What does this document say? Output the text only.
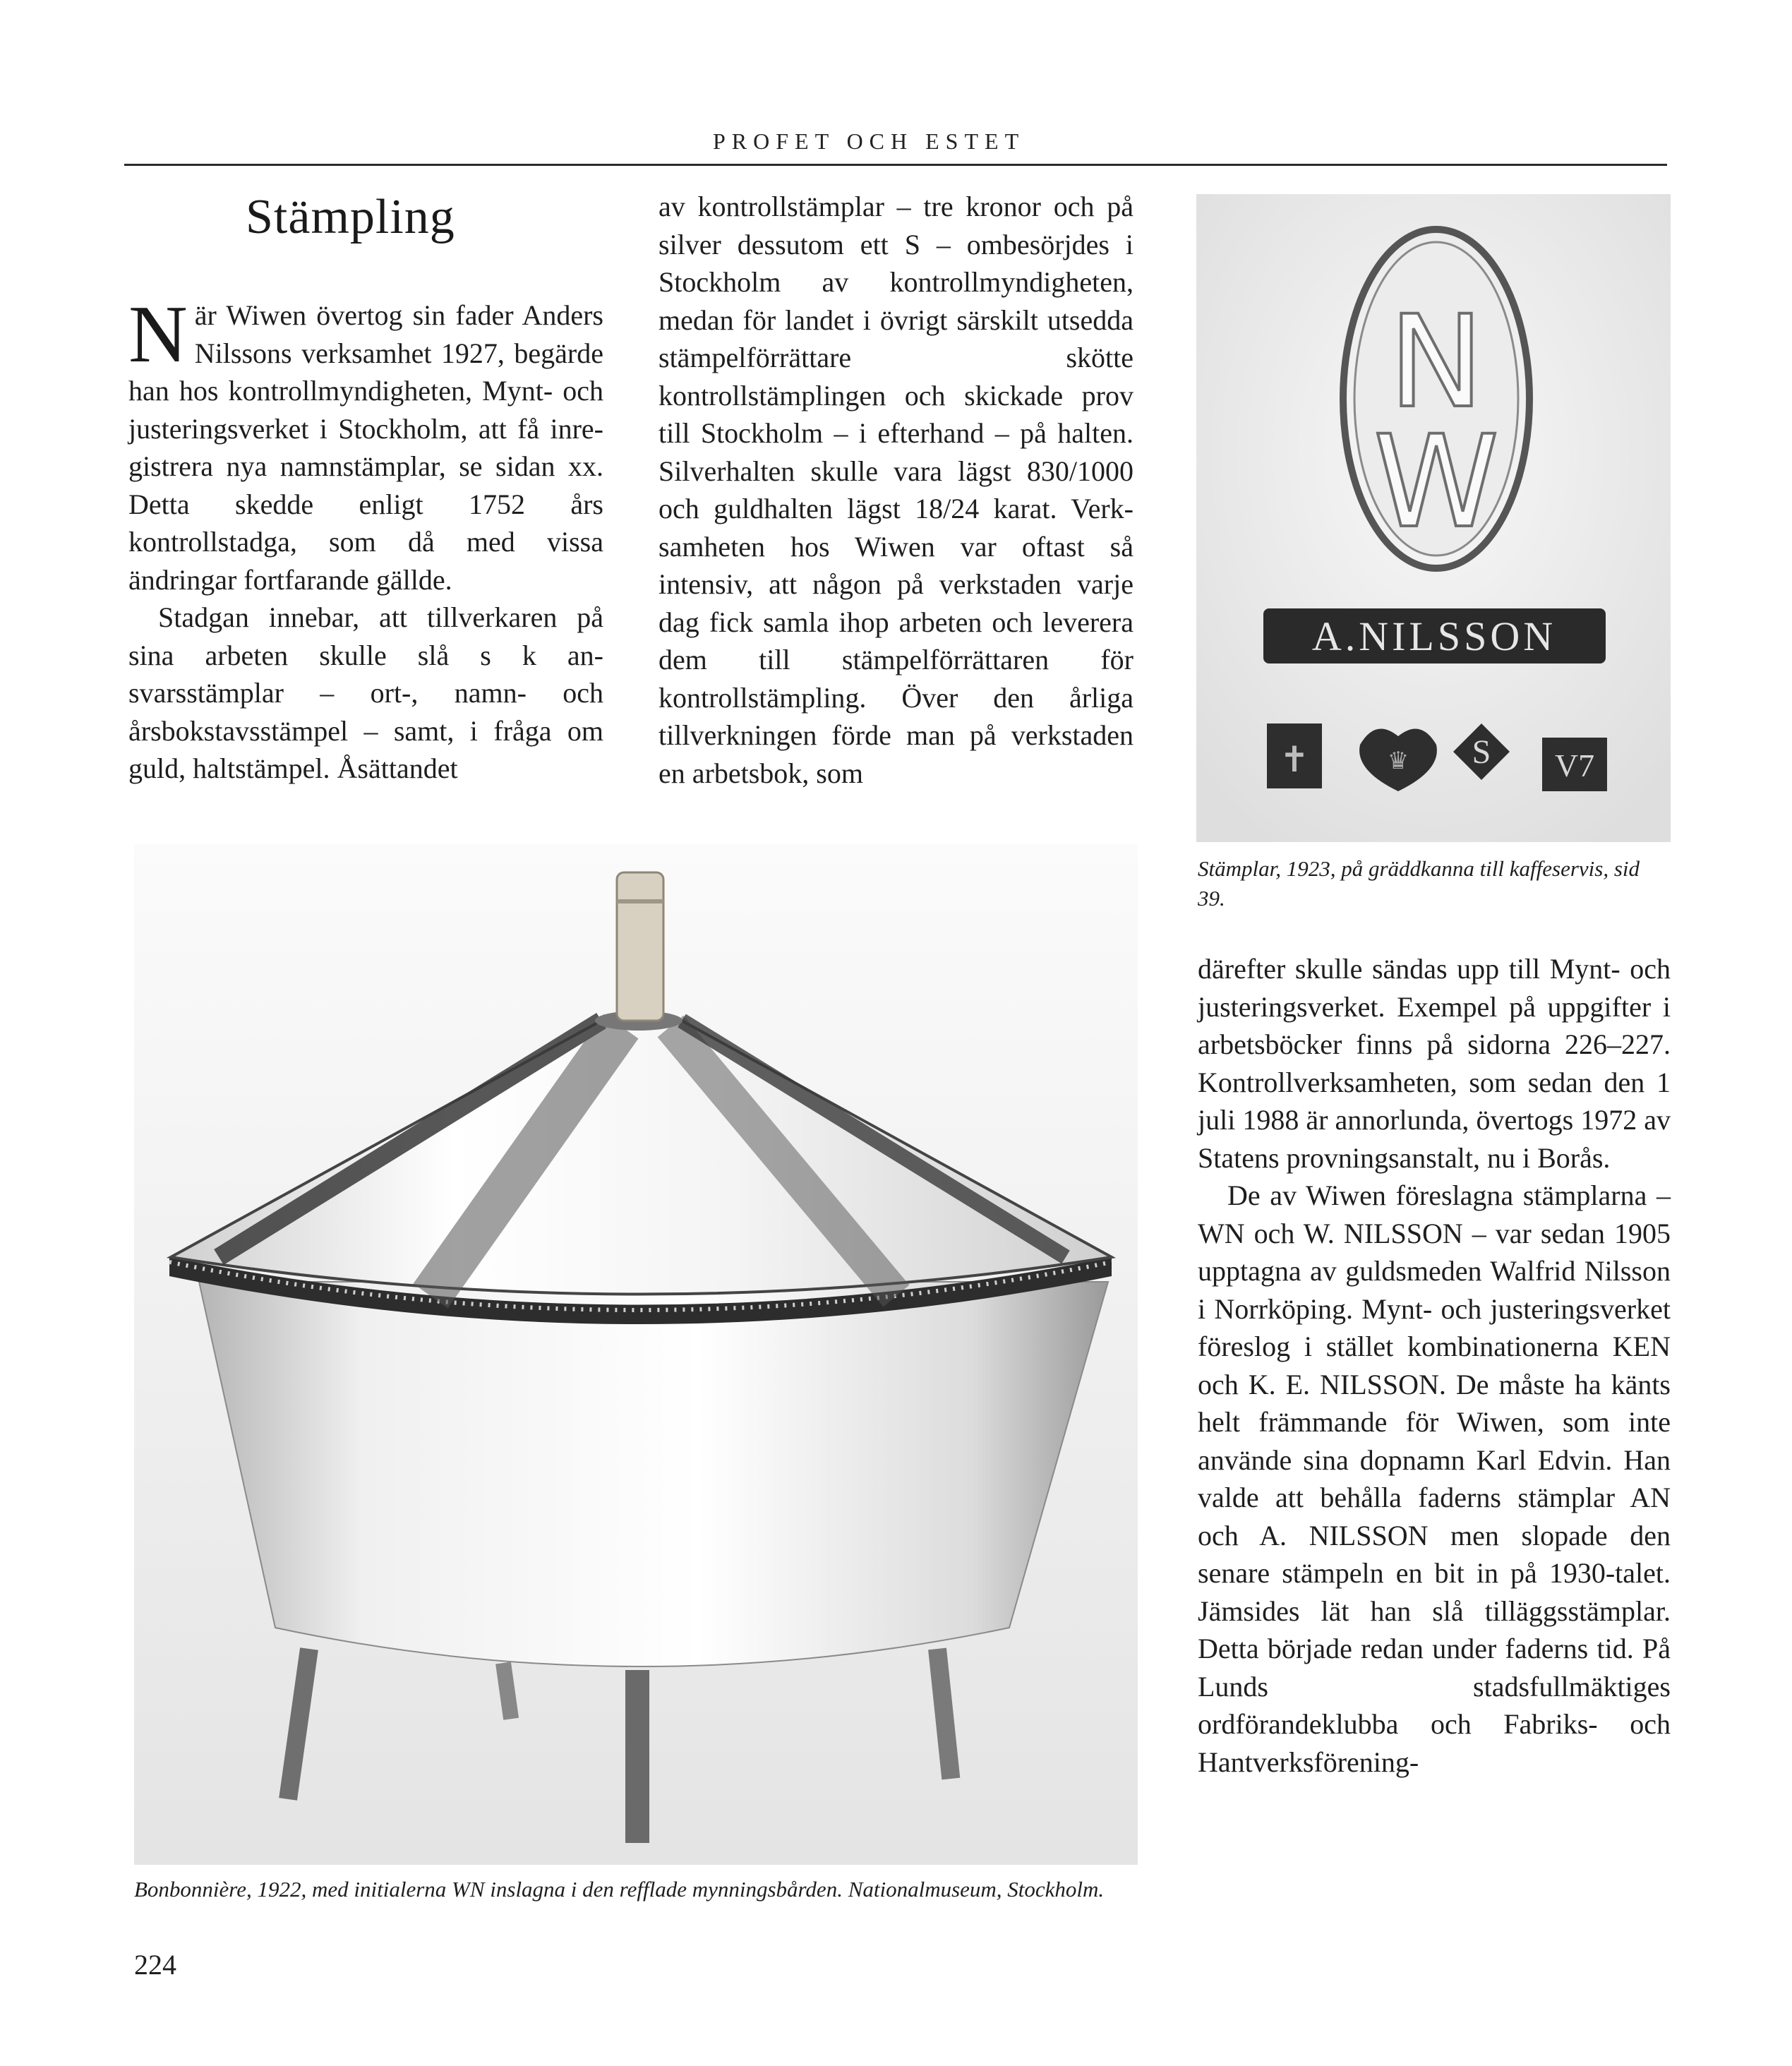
PROFET OCH ESTET
Stämpling

När Wiwen övertog sin fader Anders Nilssons verksamhet 1927, begärde han hos kontrollmyndigheten, Mynt- och justeringsverket i Stockholm, att få inregistrera nya namnstämplar, se sidan xx. Detta skedde enligt 1752 års kontrollstadga, som då med vissa ändringar fortfarande gällde.

Stadgan innebar, att tillverkaren på sina arbeten skulle slå s k ansvarsstämplar – ort-, namn- och årsbokstavsstämpel – samt, i fråga om guld, haltstämpel. Åsättandet

av kontrollstämplar – tre kronor och på silver dessutom ett S – ombesörjdes i Stockholm av kontrollmyndigheten, medan för landet i övrigt särskilt utsedda stämpelförrättare skötte kontrollstämplingen och skickade prov till Stockholm – i efterhand – på halten. Silverhalten skulle vara lägst 830/1000 och guldhalten lägst 18/24 karat. Verksamheten hos Wiwen var oftast så intensiv, att någon på verkstaden varje dag fick samla ihop arbeten och leverera dem till stämpelförrättaren för kontrollstämpling. Över den årliga tillverkningen förde man på verkstaden en arbetsbok, som

N
W
A.NILSSON
✝	♛ S V7
Stämplar, 1923, på gräddkanna till kaffeservis, sid 39.
Bonbonnière, 1922, med initialerna WN inslagna i den refflade mynningsbården. Nationalmuseum, Stockholm.

därefter skulle sändas upp till Mynt- och justeringsverket. Exempel på uppgifter i arbetsböcker finns på sidorna 226–227. Kontrollverksamheten, som sedan den 1 juli 1988 är annorlunda, övertogs 1972 av Statens provningsanstalt, nu i Borås.

De av Wiwen föreslagna stämplarna – WN och W. NILSSON – var sedan 1905 upptagna av guldsmeden Walfrid Nilsson i Norrköping. Mynt- och justeringsverket föreslog i stället kombinationerna KEN och K. E. NILSSON. De måste ha känts helt främmande för Wiwen, som inte använde sina dopnamn Karl Edvin. Han valde att behålla faderns stämplar AN och A. NILSSON men slopade den senare stämpeln en bit in på 1930-talet. Jämsides lät han slå tilläggsstämplar. Detta började redan under faderns tid. På Lunds stadsfullmäktiges ordförandeklubba och Fabriks- och Hantverksförening-

224
